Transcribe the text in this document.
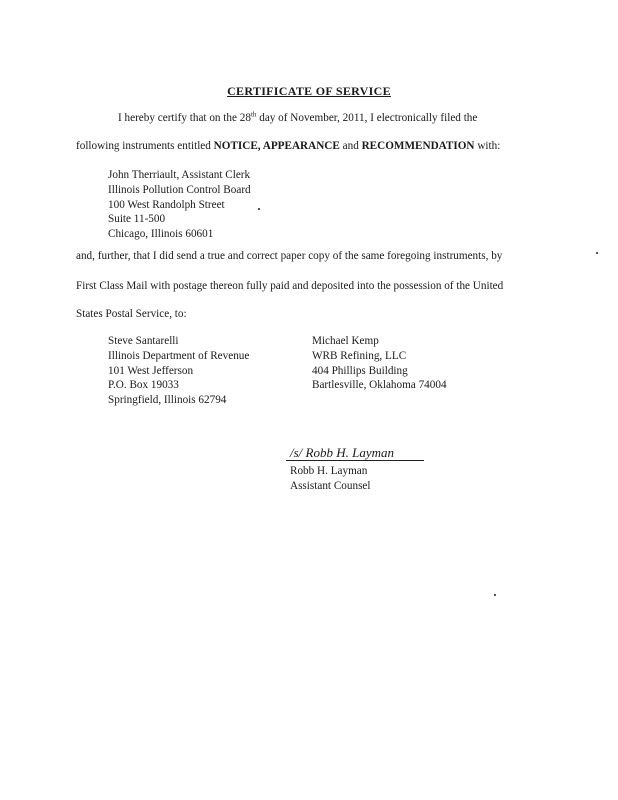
CERTIFICATE OF SERVICE
I hereby certify that on the 28th day of November, 2011, I electronically filed the
following instruments entitled NOTICE, APPEARANCE and RECOMMENDATION with:
John Therriault, Assistant Clerk
Illinois Pollution Control Board
100 West Randolph Street
Suite 11-500
Chicago, Illinois 60601
and, further, that I did send a true and correct paper copy of the same foregoing instruments, by
First Class Mail with postage thereon fully paid and deposited into the possession of the United
States Postal Service, to:
Steve Santarelli
Illinois Department of Revenue
101 West Jefferson
P.O. Box 19033
Springfield, Illinois 62794
Michael Kemp
WRB Refining, LLC
404 Phillips Building
Bartlesville, Oklahoma 74004
/s/ Robb H. Layman
Robb H. Layman
Assistant Counsel
